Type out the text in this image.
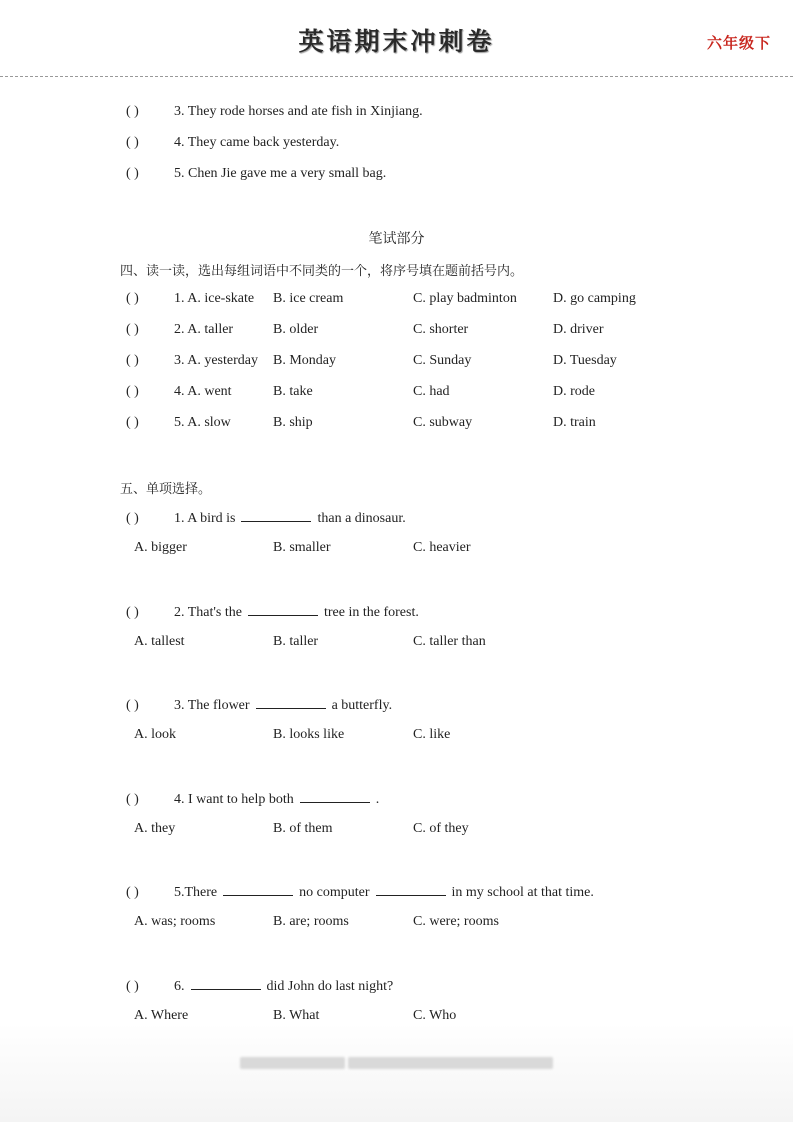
英语期末冲刺卷	六年级下
( )	3. They rode horses and ate fish in Xinjiang.
( )	4. They came back yesterday.
( )	5. Chen Jie gave me a very small bag.
笔试部分
四、读一读，选出每组词语中不同类的一个，将序号填在题前括号内。
( )	1. A. ice-skate B. ice cream	C. play badminton	D. go camping
( )	2. A. taller	B. older	C. shorter	D. driver
( )	3. A. yesterday B. Monday	C. Sunday	D. Tuesday
( )	4. A. went	B. take	C. had	D. rode
( )	5. A. slow	B. ship	C. subway	D. train
五、单项选择。
( )	1. A bird is	than a dinosaur.
A. bigger	B. smaller	C. heavier
( )	2. That's the	tree in the forest.
A. tallest	B. taller	C. taller than
( )	3. The flower	a butterfly.
A. look	B. looks like	C. like
( )	4. I want to help both	.
A. they	B. of them	C. of they
( )	5.There	no computer	in my school at that time.
A. was; rooms	B. are; rooms	C. were; rooms
( )	6.	did John do last night?
A. Where	B. What	C. Who
